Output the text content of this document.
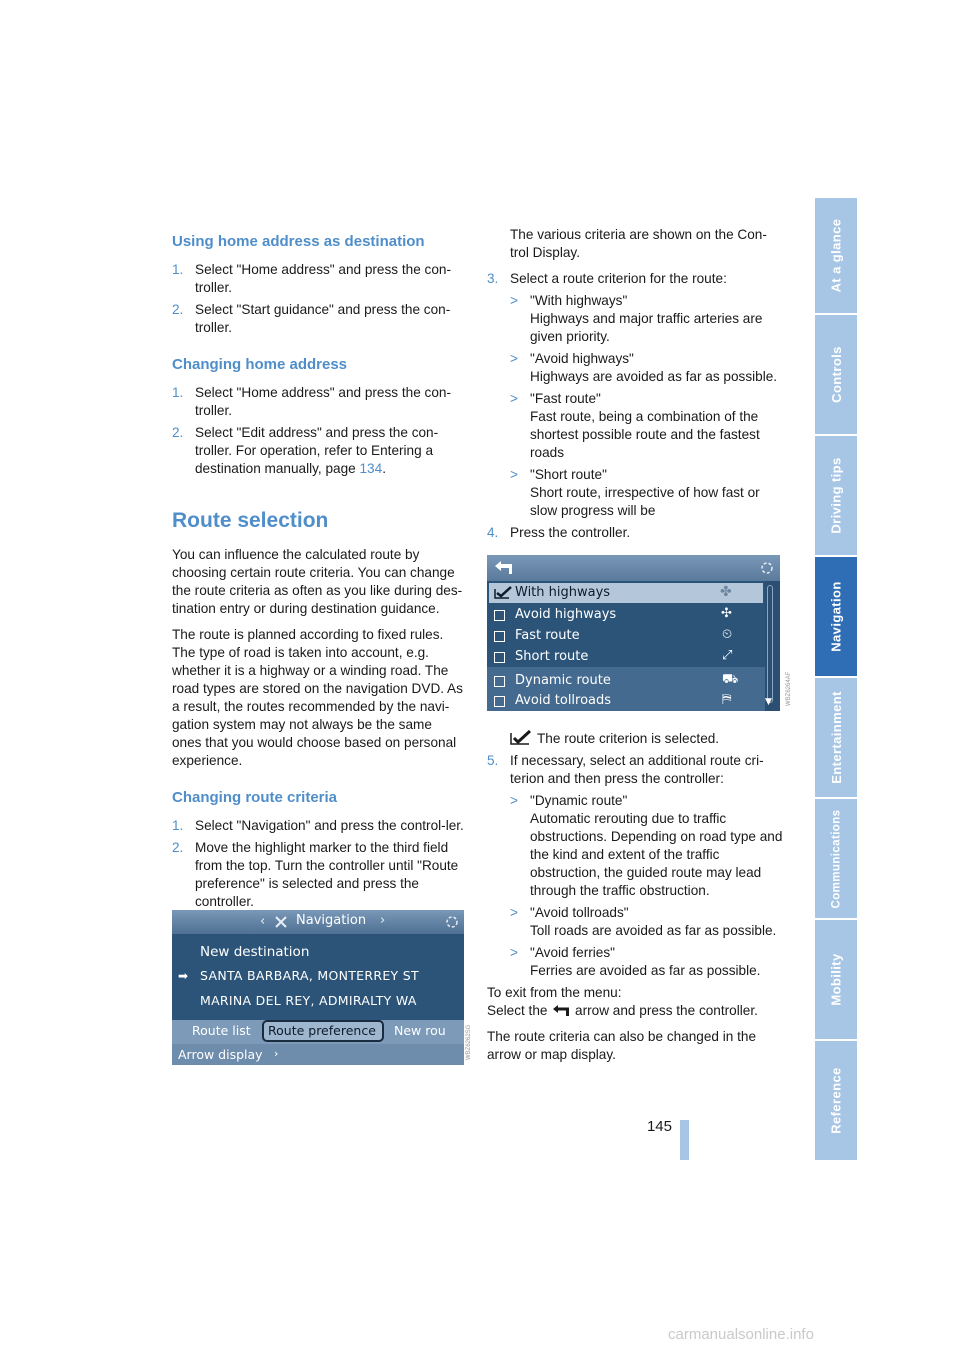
Using home address as destination
1. Select "Home address" and press the con-troller.
2. Select "Start guidance" and press the con-troller.
Changing home address
1. Select "Home address" and press the con-troller.
2. Select "Edit address" and press the con-troller. For operation, refer to Entering a destination manually, page 134.
Route selection

You can influence the calculated route by choosing certain route criteria. You can change the route criteria as often as you like during des-tination entry or during destination guidance.

The route is planned according to fixed rules. The type of road is taken into account, e.g. whether it is a highway or a winding road. The road types are stored on the navigation DVD. As a result, the routes recommended by the navi-gation system may not always be the same ones that you would choose based on personal experience.

Changing route criteria
1. Select "Navigation" and press the control-ler.
2. Move the highlight marker to the third field from the top. Turn the controller until "Route preference" is selected and press the controller.
‹ Navigation ›
New destination
➡ SANTA BARBARA, MONTERREY ST
MARINA DEL REY, ADMIRALTY WA
Route list Route preference New rou
Arrow display ›	WBZ6262SG

The various criteria are shown on the Con-trol Display.

3. Select a route criterion for the route:
> "With highways"
Highways and major traffic arteries are given priority.
> "Avoid highways"
Highways are avoided as far as possible.
> "Fast route"
Fast route, being a combination of the shortest possible route and the fastest roads
> "Short route"
Short route, irrespective of how fast or slow progress will be
4. Press the controller.
The route criterion is selected.
5. If necessary, select an additional route cri-terion and then press the controller:
> "Dynamic route"
Automatic rerouting due to traffic obstructions. Depending on road type and the kind and extent of the traffic obstruction, the guided route may lead through the traffic obstruction.
> "Avoid tollroads"
Toll roads are avoided as far as possible.
> "Avoid ferries"
Ferries are avoided as far as possible.

To exit from the menu:

Select the arrow and press the controller.

The route criteria can also be changed in the arrow or map display.

With highways	✤
Avoid highways	✣
Fast route	⏲
Short route	⤢
Dynamic route	⛟
Avoid tollroads	⛿	▼ WBZ6264AF
At a glance
Controls
Driving tips
Navigation
Entertainment
Communications
Mobility
Reference
145
carmanualsonline.info
